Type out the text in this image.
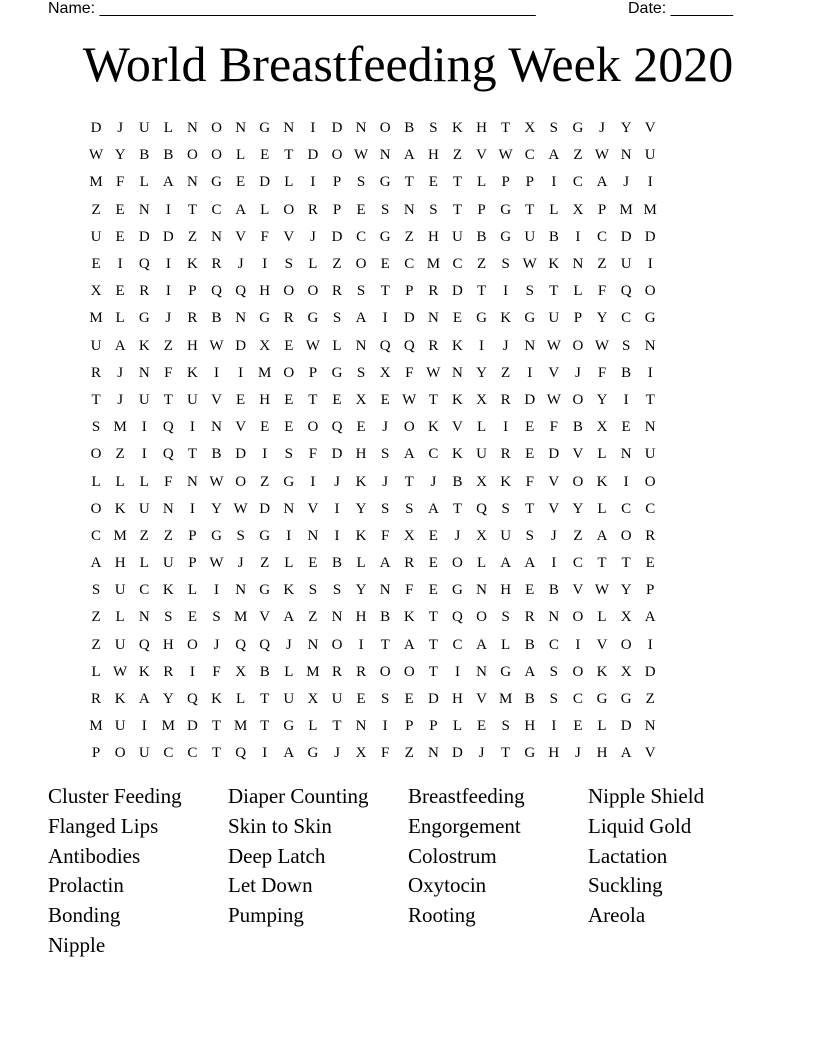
Name: _________________________________________________	Date: _______
World Breastfeeding Week 2020
D	J	U L N O N G N	I	D N O B S K H T X S G	J	Y V
W Y B B O O L E T D O W N A H Z V W C A Z W N U
M F	L A N G E D L	I	P	S G T E T L	P	P	I	C A	J	I
Z E N	I	T C A L O R P	E	S N S	T	P G T L X P M M
U E D D Z N V F V	J	D C G Z H U B G U B	I	C D D
E	I	Q	I	K R	J	I	S	L Z O E C M C Z	S W K N Z U	I
X E R	I	P Q Q H O O R S	T	P R D T	I	S	T L	F Q O
M L G	J	R B N G R G S A	I	D N E G K G U P Y C G
U A K Z H W D X E W L N Q Q R K	I	J	N W O W S N
R	J	N F K	I	I M O P G S X F W N Y Z	I	V	J	F B	I
T	J	U T U V E H E T E X E W T K X R D W O Y	I	T
S M I	Q	I	N V E E O Q E	J	O K V L	I	E	F B X E N
O Z	I	Q T B D	I	S	F D H S A C K U R E D V L N U
L L L	F N W O Z G	I	J	K	J	T	J	B X K F V O K	I	O
O K U N	I	Y W D N V	I	Y S	S A T Q S	T V Y L C C
C M Z Z	P G S G	I	N	I	K F X E	J	X U S	J	Z A O R
A H L U P W J	Z L E B L A R E O L A A	I	C T T E
S U C K L	I	N G K S	S Y N F	E G N H E B V W Y P
Z L N S	E	S M V A Z N H B K T Q O S R N O L X A
Z U Q H O	J	Q Q	J	N O	I	T A T C A L B C	I	V O	I
L W K R	I	F X B L M R R O O T	I	N G A S O K X D
R K A Y Q K L T U X U E	S	E D H V M B S C G G Z
M U	I M D T M T G L T N	I	P	P	L E	S H	I	E L D N
P O U C C T Q	I	A G	J	X F	Z N D	J	T G H	J	H A V
Cluster Feeding	Diaper Counting	Breastfeeding	Nipple Shield
Flanged Lips	Skin to Skin	Engorgement	Liquid Gold
Antibodies	Deep Latch	Colostrum	Lactation
Prolactin	Let Down	Oxytocin	Suckling
Bonding	Pumping	Rooting	Areola
Nipple
